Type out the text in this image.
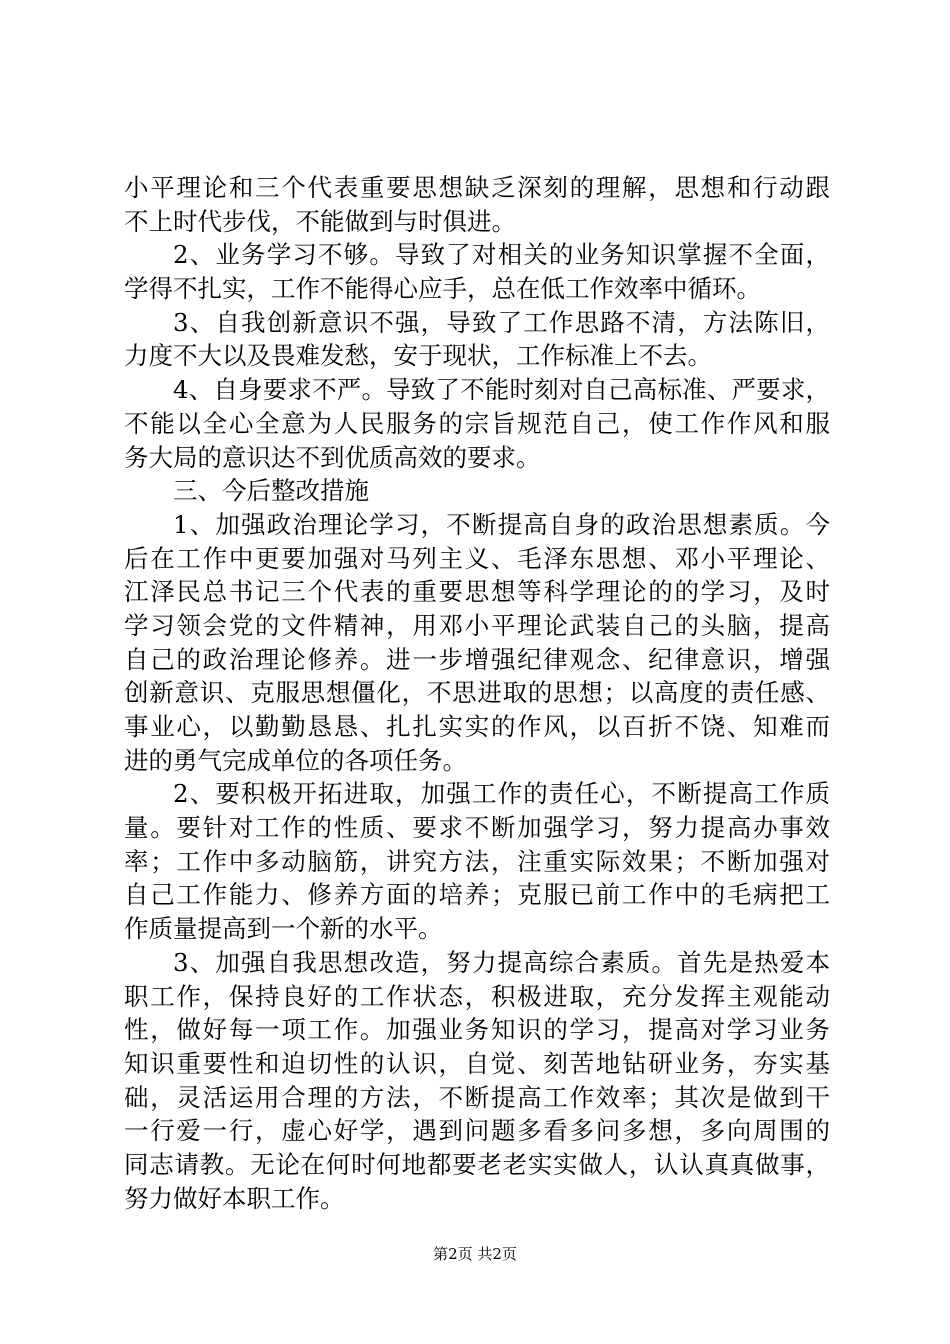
小平理论和三个代表重要思想缺乏深刻的理解，思想和行动跟
不上时代步伐，不能做到与时俱进。
2、业务学习不够。导致了对相关的业务知识掌握不全面，
学得不扎实，工作不能得心应手，总在低工作效率中循环。
3、自我创新意识不强，导致了工作思路不清，方法陈旧，
力度不大以及畏难发愁，安于现状，工作标准上不去。
4、自身要求不严。导致了不能时刻对自己高标准、严要求，
不能以全心全意为人民服务的宗旨规范自己，使工作作风和服
务大局的意识达不到优质高效的要求。
三、今后整改措施
1、加强政治理论学习，不断提高自身的政治思想素质。今
后在工作中更要加强对马列主义、毛泽东思想、邓小平理论、
江泽民总书记三个代表的重要思想等科学理论的的学习，及时
学习领会党的文件精神，用邓小平理论武装自己的头脑，提高
自己的政治理论修养。进一步增强纪律观念、纪律意识，增强
创新意识、克服思想僵化，不思进取的思想；以高度的责任感、
事业心，以勤勤恳恳、扎扎实实的作风，以百折不饶、知难而
进的勇气完成单位的各项任务。
2、要积极开拓进取，加强工作的责任心，不断提高工作质
量。要针对工作的性质、要求不断加强学习，努力提高办事效
率；工作中多动脑筋，讲究方法，注重实际效果；不断加强对
自己工作能力、修养方面的培养；克服已前工作中的毛病把工
作质量提高到一个新的水平。
3、加强自我思想改造，努力提高综合素质。首先是热爱本
职工作，保持良好的工作状态，积极进取，充分发挥主观能动
性，做好每一项工作。加强业务知识的学习，提高对学习业务
知识重要性和迫切性的认识，自觉、刻苦地钻研业务，夯实基
础，灵活运用合理的方法，不断提高工作效率；其次是做到干
一行爱一行，虚心好学，遇到问题多看多问多想，多向周围的
同志请教。无论在何时何地都要老老实实做人，认认真真做事，
努力做好本职工作。
第2页 共2页
